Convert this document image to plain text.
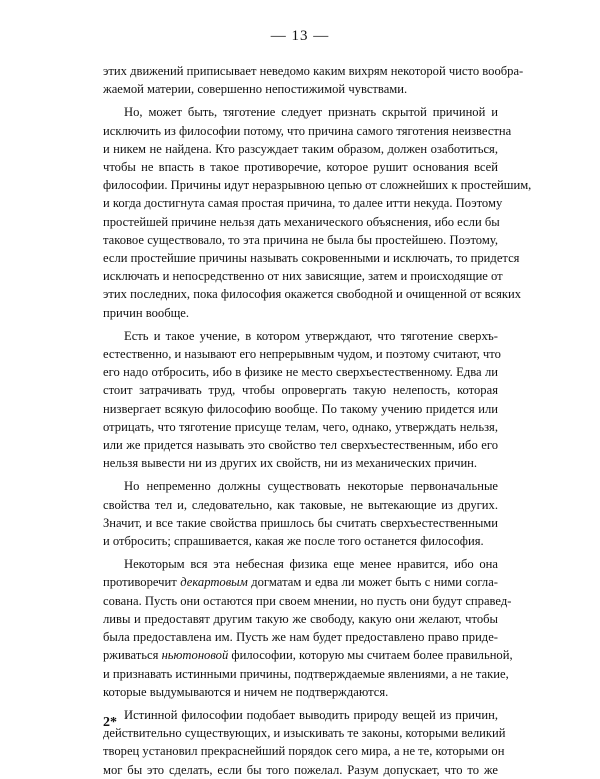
— 13 —

этих движений приписывает неведомо каким вихрям некоторой чисто вообра-
жаемой материи, совершенно непостижимой чувствами.

Но, может быть, тяготение следует признать скрытой причиной и
исключить из философии потому, что причина самого тяготения неизвестна
и никем не найдена. Кто разсуждает таким образом, должен озаботиться,
чтобы не впасть в такое противоречие, которое рушит основания всей
философии. Причины идут неразрывною цепью от сложнейших к простейшим,
и когда достигнута самая простая причина, то далее итти некуда. Поэтому
простейшей причине нельзя дать механического объяснения, ибо если бы
таковое существовало, то эта причина не была бы простейшею. Поэтому,
если простейшие причины называть сокровенными и исключать, то придется
исключать и непосредственно от них зависящие, затем и происходящие от
этих последних, пока философия окажется свободной и очищенной от всяких
причин вообще.

Есть и такое учение, в котором утверждают, что тяготение сверхъ-
естественно, и называют его непрерывным чудом, и поэтому считают, что
его надо отбросить, ибо в физике не место сверхъестественному. Едва ли
стоит затрачивать труд, чтобы опровергать такую нелепость, которая
низвергает всякую философию вообще. По такому учению придется или
отрицать, что тяготение присуще телам, чего, однако, утверждать нельзя,
или же придется называть это свойство тел сверхъестественным, ибо его
нельзя вывести ни из других их свойств, ни из механических причин.

Но непременно должны существовать некоторые первоначальные
свойства тел и, следовательно, как таковые, не вытекающие из других.
Значит, и все такие свойства пришлось бы считать сверхъестественными
и отбросить; спрашивается, какая же после того останется философия.

Некоторым вся эта небесная физика еще менее нравится, ибо она
противоречит декартовым догматам и едва ли может быть с ними согла-
сована. Пусть они остаются при своем мнении, но пусть они будут справед-
ливы и предоставят другим такую же свободу, какую они желают, чтобы
была предоставлена им. Пусть же нам будет предоставлено право приде-
рживаться ньютоновой философии, которую мы считаем более правильной,
и признавать истинными причины, подтверждаемые явлениями, а не такие,
которые выдумываются и ничем не подтверждаются.

Истинной философии подобает выводить природу вещей из причин,
действительно существующих, и изыскивать те законы, которыми великий
творец установил прекраснейший порядок сего мира, а не те, которыми он
мог бы это сделать, если бы того пожелал. Разум допускает, что то же

2*
